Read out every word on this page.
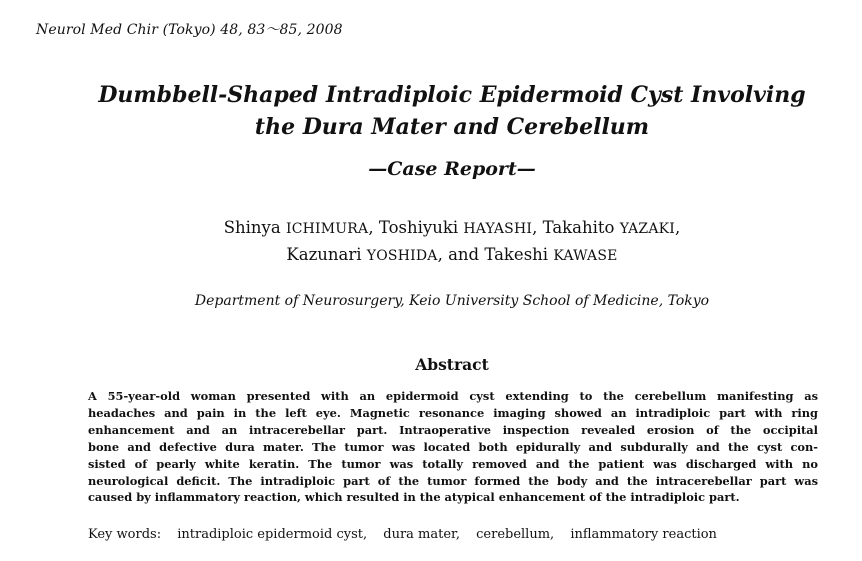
Neurol Med Chir (Tokyo) 48, 83～85, 2008
Dumbbell-Shaped Intradiploic Epidermoid Cyst Involving
the Dura Mater and Cerebellum
—Case Report—
Shinya ICHIMURA, Toshiyuki HAYASHI, Takahito YAZAKI,
Kazunari YOSHIDA, and Takeshi KAWASE
Department of Neurosurgery, Keio University School of Medicine, Tokyo
Abstract
A 55-year-old woman presented with an epidermoid cyst extending to the cerebellum manifesting as
headaches and pain in the left eye. Magnetic resonance imaging showed an intradiploic part with ring
enhancement and an intracerebellar part. Intraoperative inspection revealed erosion of the occipital
bone and defective dura mater. The tumor was located both epidurally and subdurally and the cyst con-
sisted of pearly white keratin. The tumor was totally removed and the patient was discharged with no
neurological deficit. The intradiploic part of the tumor formed the body and the intracerebellar part was
caused by inflammatory reaction, which resulted in the atypical enhancement of the intradiploic part.
Key words: intradiploic epidermoid cyst, dura mater, cerebellum, inflammatory reaction
